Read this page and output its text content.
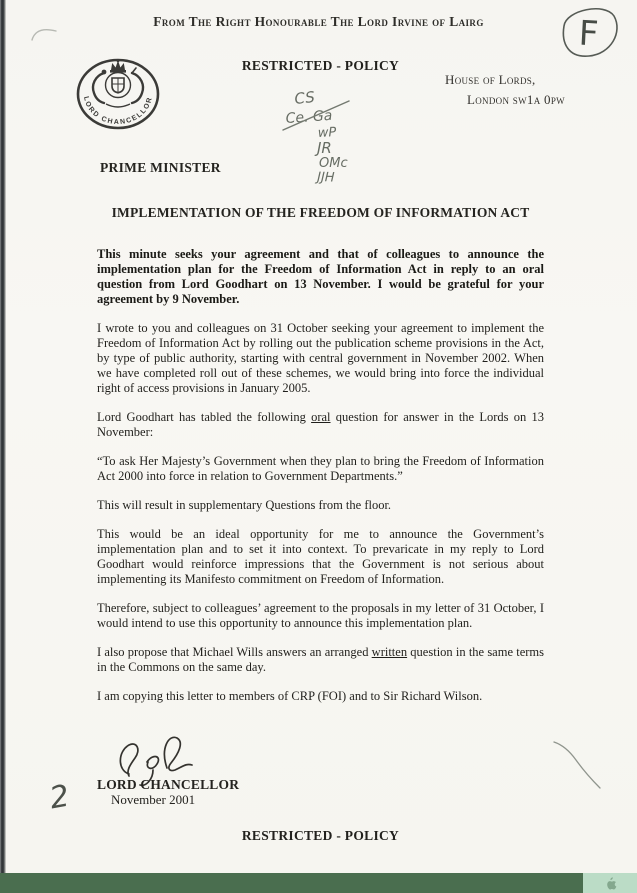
From The Right Honourable The Lord Irvine of Lairg	F
LORD CHANCELLOR
RESTRICTED - POLICY
House of Lords,
London sw1a 0pw
CS
Ce. Ga
wP
JR
OMc
JJH
PRIME MINISTER
IMPLEMENTATION OF THE FREEDOM OF INFORMATION ACT

This minute seeks your agreement and that of colleagues to announce the implementation plan for the Freedom of Information Act in reply to an oral question from Lord Goodhart on 13 November. I would be grateful for your agreement by 9 November.

I wrote to you and colleagues on 31 October seeking your agreement to implement the Freedom of Information Act by rolling out the publication scheme provisions in the Act, by type of public authority, starting with central government in November 2002. When we have completed roll out of these schemes, we would bring into force the individual right of access provisions in January 2005.

Lord Goodhart has tabled the following oral question for answer in the Lords on 13 November:

“To ask Her Majesty’s Government when they plan to bring the Freedom of Information Act 2000 into force in relation to Government Departments.”

This will result in supplementary Questions from the floor.

This would be an ideal opportunity for me to announce the Government’s implementation plan and to set it into context. To prevaricate in my reply to Lord Goodhart would reinforce impressions that the Government is not serious about implementing its Manifesto commitment on Freedom of Information.

Therefore, subject to colleagues’ agreement to the proposals in my letter of 31 October, I would intend to use this opportunity to announce this implementation plan.

I also propose that Michael Wills answers an arranged written question in the same terms in the Commons on the same day.

I am copying this letter to members of CRP (FOI) and to Sir Richard Wilson.

LORD CHANCELLOR
November 2001
2
RESTRICTED - POLICY
